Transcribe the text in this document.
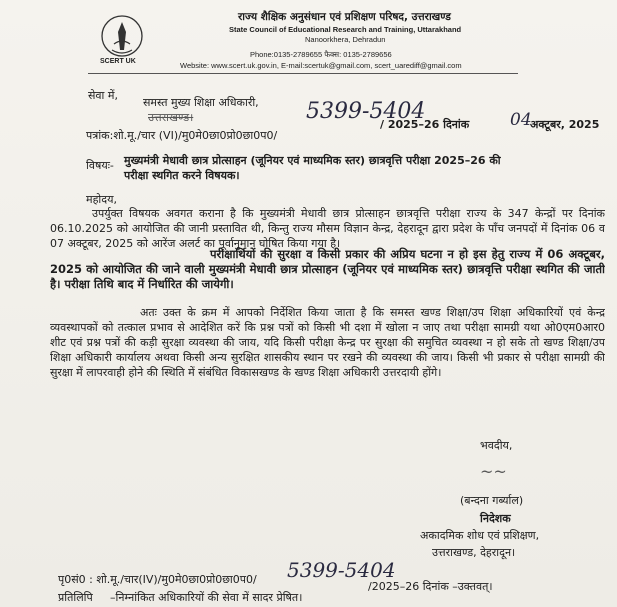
SCERT UK
राज्य शैक्षिक अनुसंधान एवं प्रशिक्षण परिषद, उत्तराखण्ड
State Council of Educational Research and Training, Uttarakhand
Nanoorkhera, Dehradun
Phone:0135-2789655 फैक्स: 0135-2789656
Website: www.scert.uk.gov.in, E-mail:scertuk@gmail.com, scert_uarediff@gmail.com
सेवा में,
समस्त मुख्य शिक्षा अधिकारी,
उत्तराखण्ड।
पत्रांक:शो.मू./चार (VI)/मु0मे0छा0प्रो0छा0प0/
5399-5404
/ 2025–26 दिनांक 04
अक्टूबर, 2025
विषयः- मुख्यमंत्री मेधावी छात्र प्रोत्साहन (जूनियर एवं माध्यमिक स्तर) छात्रवृत्ति परीक्षा 2025–26 की
परीक्षा स्थगित करने विषयक।
महोदय,
उपर्युक्त विषयक अवगत कराना है कि मुख्यमंत्री मेधावी छात्र प्रोत्साहन छात्रवृत्ति परीक्षा राज्य के 347 केन्द्रों पर दिनांक 06.10.2025 को आयोजित की जानी प्रस्तावित थी, किन्तु राज्य मौसम विज्ञान केन्द्र, देहरादून द्वारा प्रदेश के पाँच जनपदों में दिनांक 06 व 07 अक्टूबर, 2025 को आरेंज अलर्ट का पूर्वानुमान घोषित किया गया है।
परीक्षार्थियों की सुरक्षा व किसी प्रकार की अप्रिय घटना न हो इस हेतु राज्य में 06 अक्टूबर, 2025 को आयोजित की जाने वाली मुख्यमंत्री मेधावी छात्र प्रोत्साहन (जूनियर एवं माध्यमिक स्तर) छात्रवृत्ति परीक्षा स्थगित की जाती है। परीक्षा तिथि बाद में निर्धारित की जायेगी।
अतः उक्त के क्रम में आपको निर्देशित किया जाता है कि समस्त खण्ड शिक्षा/उप शिक्षा अधिकारियों एवं केन्द्र व्यवस्थापकों को तत्काल प्रभाव से आदेशित करें कि प्रश्न पत्रों को किसी भी दशा में खोला न जाए तथा परीक्षा सामग्री यथा ओ0एम0आर0 शीट एवं प्रश्न पत्रों की कड़ी सुरक्षा व्यवस्था की जाय, यदि किसी परीक्षा केन्द्र पर सुरक्षा की समुचित व्यवस्था न हो सके तो खण्ड शिक्षा/उप शिक्षा अधिकारी कार्यालय अथवा किसी अन्य सुरक्षित शासकीय स्थान पर रखने की व्यवस्था की जाय। किसी भी प्रकार से परीक्षा सामग्री की सुरक्षा में लापरवाही होने की स्थिति में संबंधित विकासखण्ड के खण्ड शिक्षा अधिकारी उत्तरदायी होंगे।
भवदीय,
~~
(बन्दना गर्ब्याल)
निदेशक
अकादमिक शोध एवं प्रशिक्षण,
उत्तराखण्ड, देहरादून।
पृ0सं0 : शो.मू./चार(IV)/मु0मे0छा0प्रो0छा0प0/ 5399-5404
/2025–26 दिनांक –उक्तवत्।
प्रतिलिपि –निम्नांकित अधिकारियों की सेवा में सादर प्रेषित।
